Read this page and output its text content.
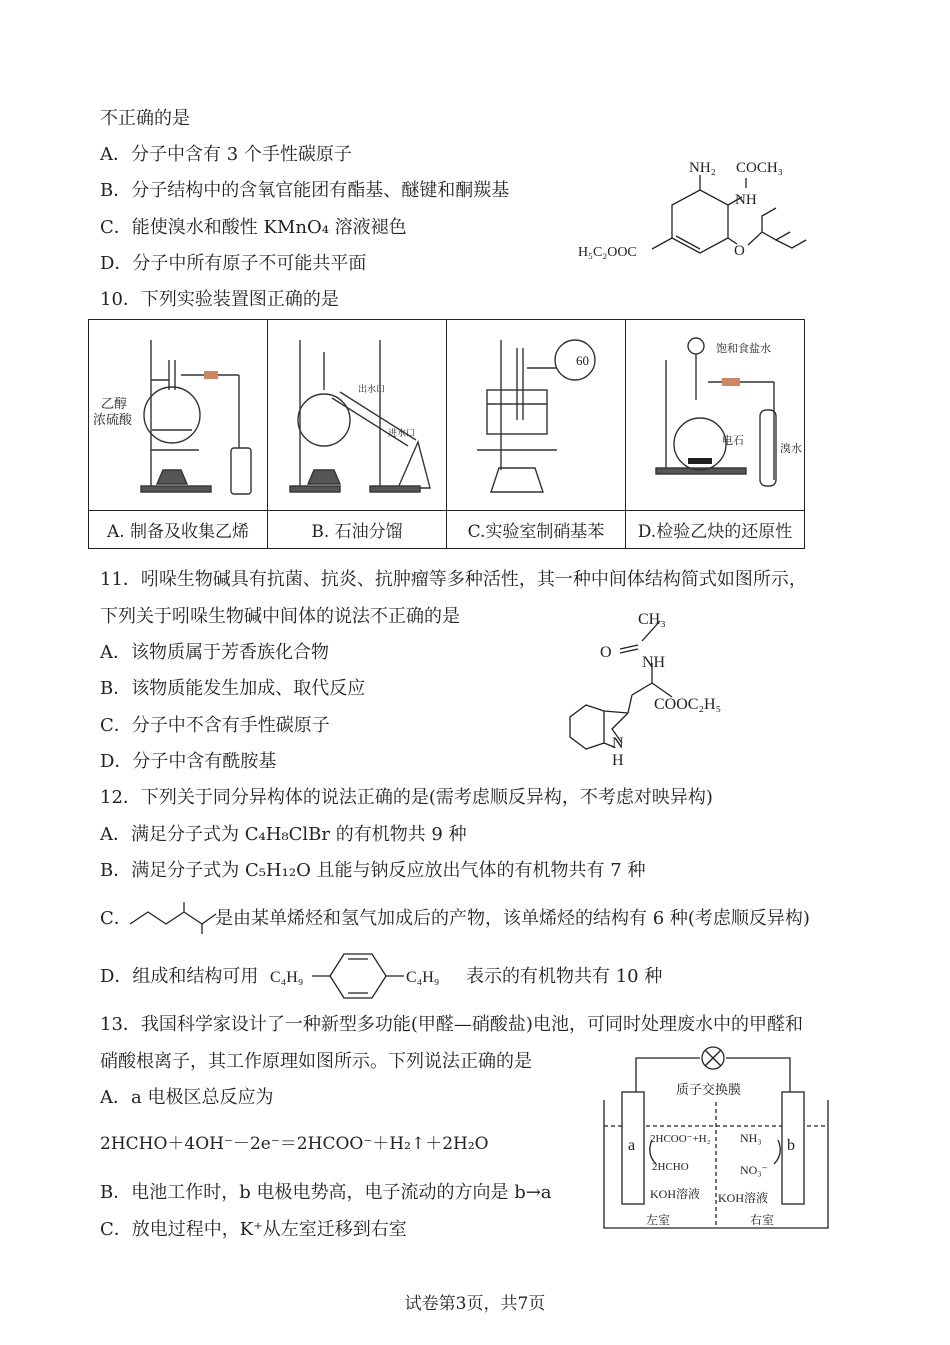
不正确的是
A．分子中含有 3 个手性碳原子
B．分子结构中的含氧官能团有酯基、醚键和酮羰基
C．能使溴水和酸性 KMnO₄ 溶液褪色
D．分子中所有原子不可能共平面
NH₂ COCH₃
NH
H₅C₂OOC	O
10．下列实验装置图正确的是
乙醇
浓硫酸	出水口
进水口	60	饱和食盐水
电石
溴水

A. 制备及收集乙烯	B. 石油分馏	C.实验室制硝基苯	D.检验乙炔的还原性
11．吲哚生物碱具有抗菌、抗炎、抗肿瘤等多种活性，其一种中间体结构简式如图所示，
下列关于吲哚生物碱中间体的说法不正确的是
A．该物质属于芳香族化合物
B．该物质能发生加成、取代反应
C．分子中不含有手性碳原子
D．分子中含有酰胺基
CH₃
O
NH
COOC₂H₅
N
H
12．下列关于同分异构体的说法正确的是(需考虑顺反异构，不考虑对映异构)
A．满足分子式为 C₄H₈ClBr 的有机物共 9 种
B．满足分子式为 C₅H₁₂O 且能与钠反应放出气体的有机物共有 7 种
C．	是由某单烯烃和氢气加成后的产物，该单烯烃的结构有 6 种(考虑顺反异构)
D．组成和结构可用 C₄H₉	C₄H₉ 表示的有机物共有 10 种
13．我国科学家设计了一种新型多功能(甲醛—硝酸盐)电池，可同时处理废水中的甲醛和
硝酸根离子，其工作原理如图所示。下列说法正确的是
A．a 电极区总反应为
2HCHO＋4OH⁻－2e⁻＝2HCOO⁻＋H₂↑＋2H₂O
B．电池工作时，b 电极电势高，电子流动的方向是 b→a
C．放电过程中，K⁺从左室迁移到右室
质子交换膜
a	b
2HCOO⁻+H₂
2HCHO
NH₃
NO₃⁻
KOH溶液 KOH溶液
左室	右室
试卷第3页，共7页
